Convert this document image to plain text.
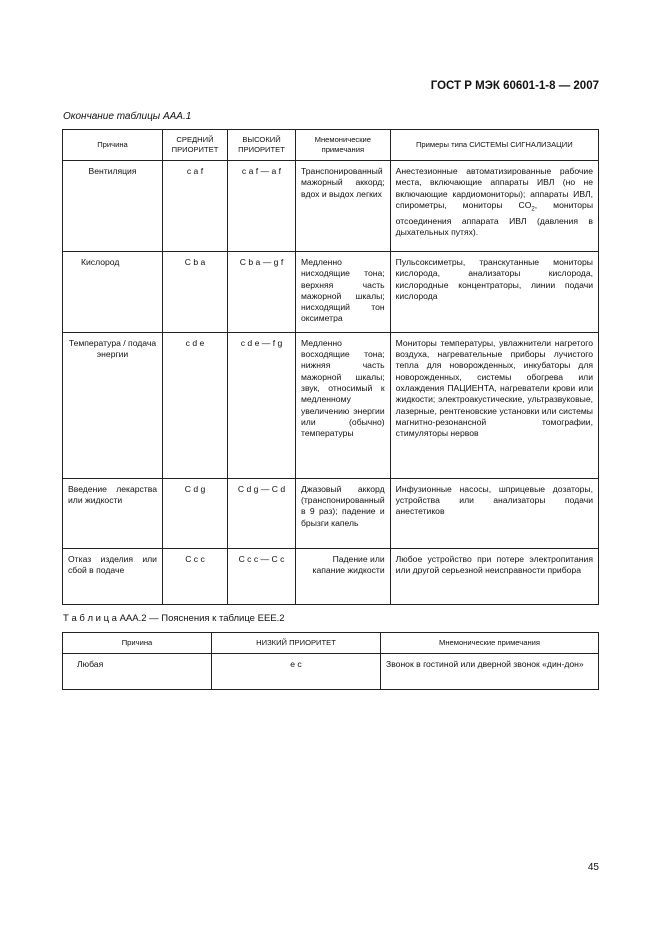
ГОСТ Р МЭК 60601-1-8 — 2007
Окончание таблицы ААА.1
Причина	СРЕДНИЙ ПРИОРИТЕТ	ВЫСОКИЙ ПРИОРИТЕТ	Мнемонические примечания	Примеры типа СИСТЕМЫ СИГНАЛИЗАЦИИ
Вентиляция	c a f	c a f — a f	Транспонированный мажорный аккорд; вдох и выдох легких	Анестезионные автоматизированные рабочие места, включающие аппараты ИВЛ (но не включающие кардиомониторы); аппараты ИВЛ, спирометры, мониторы $CO_2$, мониторы отсоединения аппарата ИВЛ (давления в дыхательных путях).
Кислород	C b a	C b a — g f	Медленно нисходящие тона; верхняя часть мажорной шкалы; нисходящий тон оксиметра	Пульсоксиметры, транскутанные мониторы кислорода, анализаторы кислорода, кислородные концентраторы, линии подачи кислорода
Температура / подача энергии	c d e	c d e — f g	Медленно восходящие тона; нижняя часть мажорной шкалы; звук, относимый к медленному увеличению энергии или (обычно) температуры	Мониторы температуры, увлажнители нагретого воздуха, нагревательные приборы лучистого тепла для новорожденных, инкубаторы для новорожденных, системы обогрева или охлаждения ПАЦИЕНТА, нагреватели крови или жидкости; электроакустические, ультразвуковые, лазерные, рентгеновские установки или системы магнитно-резонансной томографии, стимуляторы нервов
Введение лекарства или жидкости	C d g	C d g — C d	Джазовый аккорд (транспонированный в 9 раз); падение и брызги капель	Инфузионные насосы, шприцевые дозаторы, устройства или анализаторы подачи анестетиков
Отказ изделия или сбой в подаче	C c c	C c c — C c	Падение или капание жидкости	Любое устройство при потере электропитания или другой серьезной неисправности прибора
Т а б л и ц а ААА.2 — Пояснения к таблице ЕЕЕ.2
Причина	НИЗКИЙ ПРИОРИТЕТ	Мнемонические примечания
Любая	e c	Звонок в гостиной или дверной звонок «дин-дон»
45
